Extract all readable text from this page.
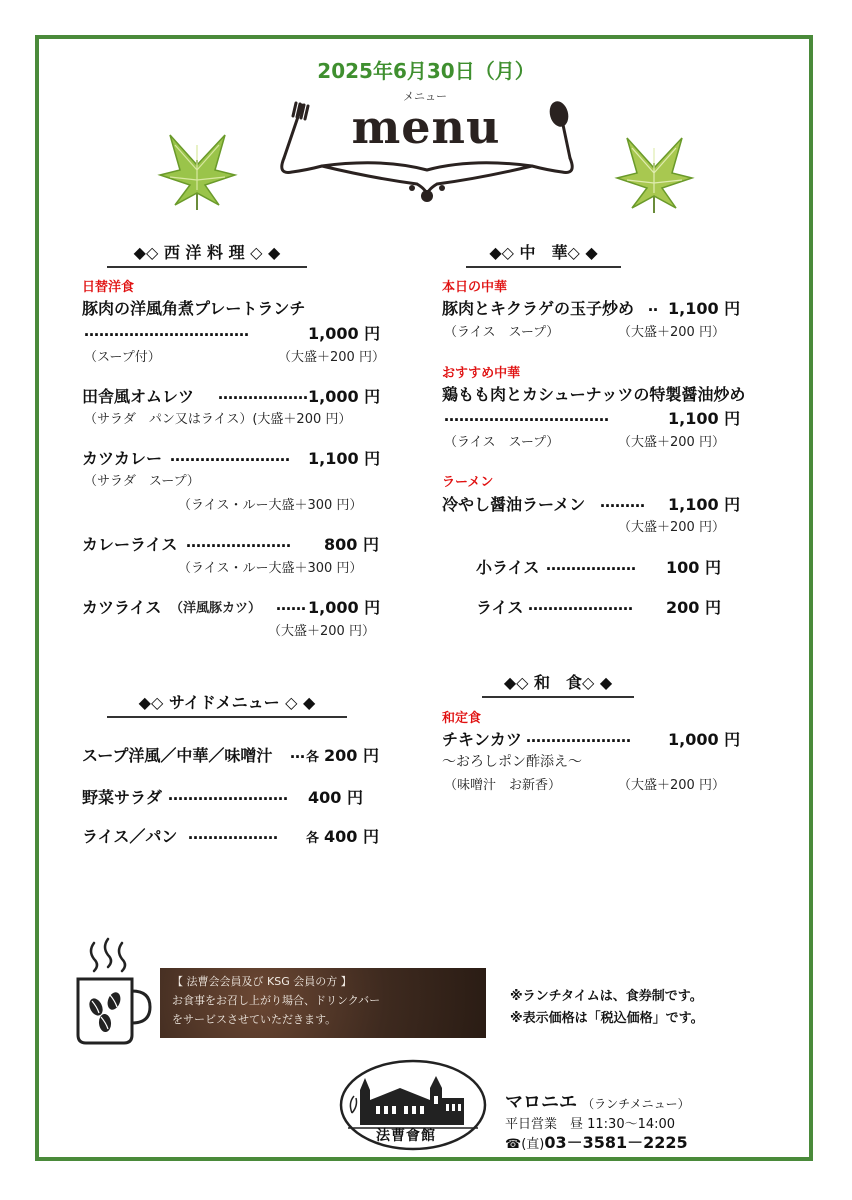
2025年6月30日（月）
メニュー
menu
◆◇ 西 洋 料 理 ◇ ◆
日替洋食
豚肉の洋風角煮プレートランチ
……………………………	1,000 円
（スープ付）	（大盛＋200 円）
田舎風オムレツ ……………… 1,000 円
（サラダ　パン又はライス）(大盛＋200 円）
カツカレー …………………… 1,100 円
（サラダ　スープ）
（ライス・ルー大盛＋300 円）
カレーライス ………………… 800 円
（ライス・ルー大盛＋300 円）
カツライス （洋風豚カツ） …… 1,000 円
（大盛＋200 円）
◆◇ サイドメニュー ◇ ◆
スープ洋風／中華／味噌汁 … 各 200 円
野菜サラダ …………………… 400 円
ライス／パン ……………… 各 400 円
◆◇ 中　華◇ ◆
本日の中華
豚肉とキクラゲの玉子炒め ‥ 1,100 円
（ライス　スープ）	（大盛＋200 円）
おすすめ中華
鶏もも肉とカシューナッツの特製醤油炒め
……………………………	1,100 円
（ライス　スープ）	（大盛＋200 円）
ラーメン
冷やし醤油ラーメン ……… 1,100 円
（大盛＋200 円）
小ライス ……………… 100 円
ライス ………………… 200 円
◆◇ 和　食◇ ◆
和定食
チキンカツ ………………… 1,000 円
～おろしポン酢添え～
（味噌汁　お新香）	（大盛＋200 円）
【 法曹会会員及び KSG 会員の方 】
お食事をお召し上がり場合、ドリンクバー
をサービスさせていただきます。
※ランチタイムは、食券制です。
※表示価格は「税込価格」です。
法曹會館
マロニエ （ランチメニュー）
平日営業　昼 11:30～14:00
☎(直)03－3581－2225
